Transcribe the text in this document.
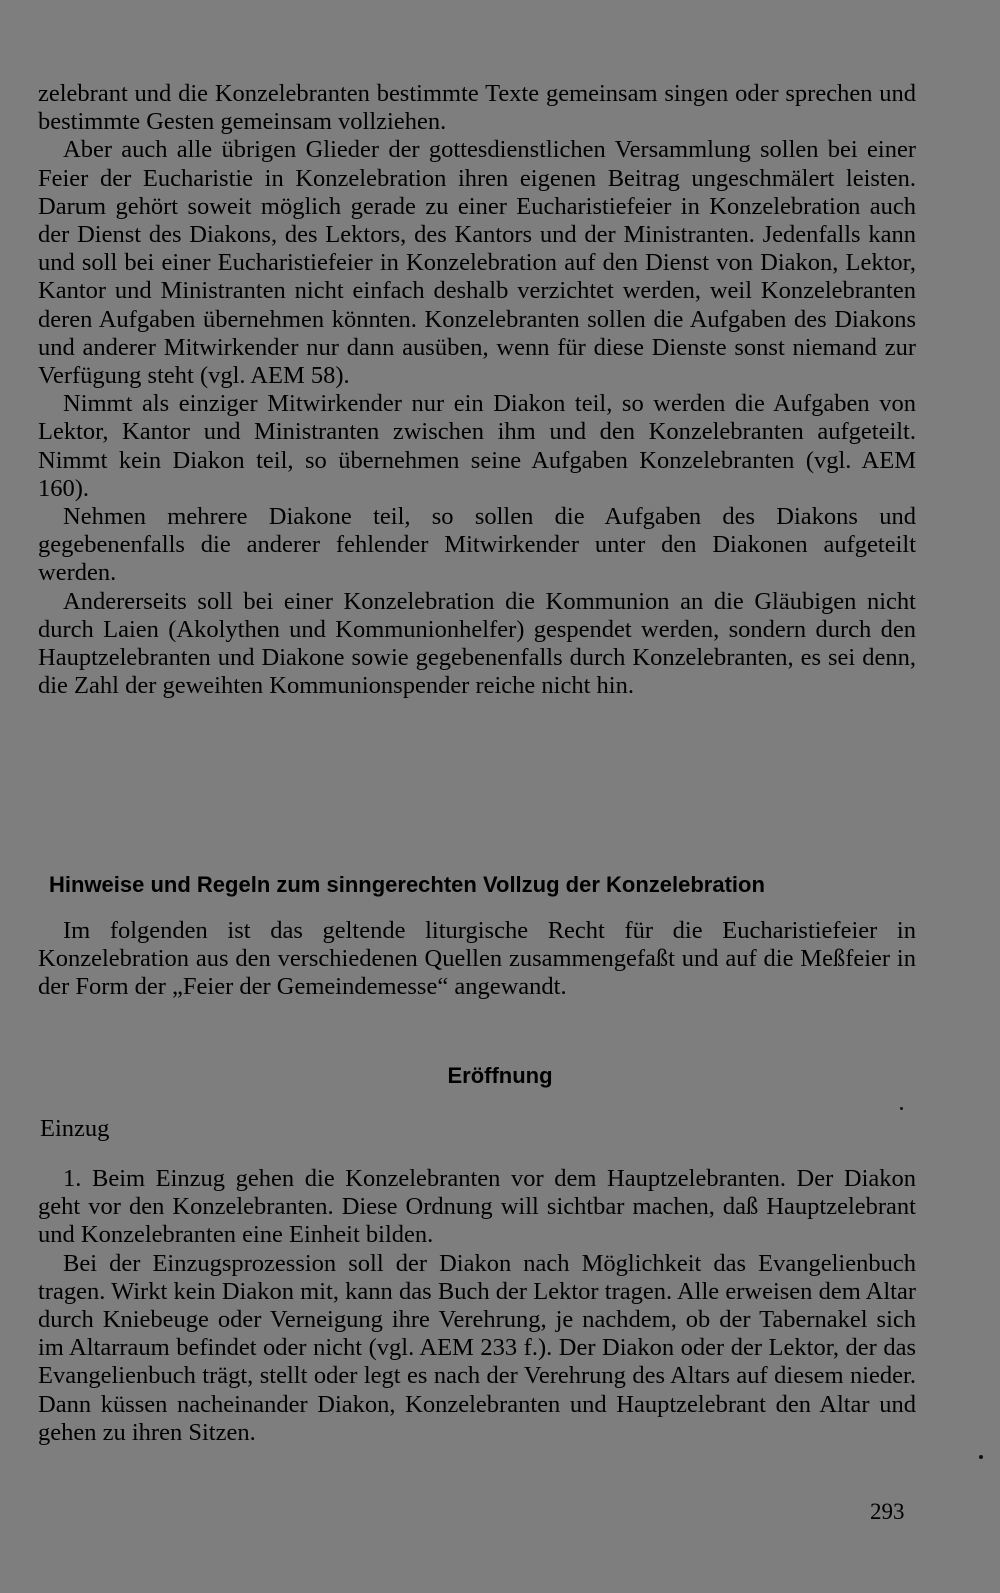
zelebrant und die Konzelebranten bestimmte Texte gemeinsam singen oder sprechen und bestimmte Gesten gemeinsam vollziehen.

Aber auch alle übrigen Glieder der gottesdienstlichen Versammlung sollen bei einer Feier der Eucharistie in Konzelebration ihren eigenen Beitrag ungeschmälert leisten. Darum gehört soweit möglich gerade zu einer Eucharistiefeier in Konzelebration auch der Dienst des Diakons, des Lektors, des Kantors und der Ministranten. Jedenfalls kann und soll bei einer Eucharistiefeier in Konzelebration auf den Dienst von Diakon, Lektor, Kantor und Ministranten nicht einfach deshalb verzichtet werden, weil Konzelebranten deren Aufgaben übernehmen könnten. Konzelebranten sollen die Aufgaben des Diakons und anderer Mitwirkender nur dann ausüben, wenn für diese Dienste sonst niemand zur Verfügung steht (vgl. AEM 58).

Nimmt als einziger Mitwirkender nur ein Diakon teil, so werden die Aufgaben von Lektor, Kantor und Ministranten zwischen ihm und den Konzelebranten aufgeteilt. Nimmt kein Diakon teil, so übernehmen seine Aufgaben Konzelebranten (vgl. AEM 160).

Nehmen mehrere Diakone teil, so sollen die Aufgaben des Diakons und gegebenenfalls die anderer fehlender Mitwirkender unter den Diakonen aufgeteilt werden.

Andererseits soll bei einer Konzelebration die Kommunion an die Gläubigen nicht durch Laien (Akolythen und Kommunionhelfer) gespendet werden, sondern durch den Hauptzelebranten und Diakone sowie gegebenenfalls durch Konzelebranten, es sei denn, die Zahl der geweihten Kommunionspender reiche nicht hin.

Hinweise und Regeln zum sinngerechten Vollzug der Konzelebration

Im folgenden ist das geltende liturgische Recht für die Eucharistiefeier in Konzelebration aus den verschiedenen Quellen zusammengefaßt und auf die Meßfeier in der Form der „Feier der Gemeindemesse“ angewandt.

Eröffnung
Einzug

1. Beim Einzug gehen die Konzelebranten vor dem Hauptzelebranten. Der Diakon geht vor den Konzelebranten. Diese Ordnung will sichtbar machen, daß Hauptzelebrant und Konzelebranten eine Einheit bilden.

Bei der Einzugsprozession soll der Diakon nach Möglichkeit das Evangelienbuch tragen. Wirkt kein Diakon mit, kann das Buch der Lektor tragen. Alle erweisen dem Altar durch Kniebeuge oder Verneigung ihre Verehrung, je nachdem, ob der Tabernakel sich im Altarraum befindet oder nicht (vgl. AEM 233 f.). Der Diakon oder der Lektor, der das Evangelienbuch trägt, stellt oder legt es nach der Verehrung des Altars auf diesem nieder. Dann küssen nacheinander Diakon, Konzelebranten und Hauptzelebrant den Altar und gehen zu ihren Sitzen.

293
